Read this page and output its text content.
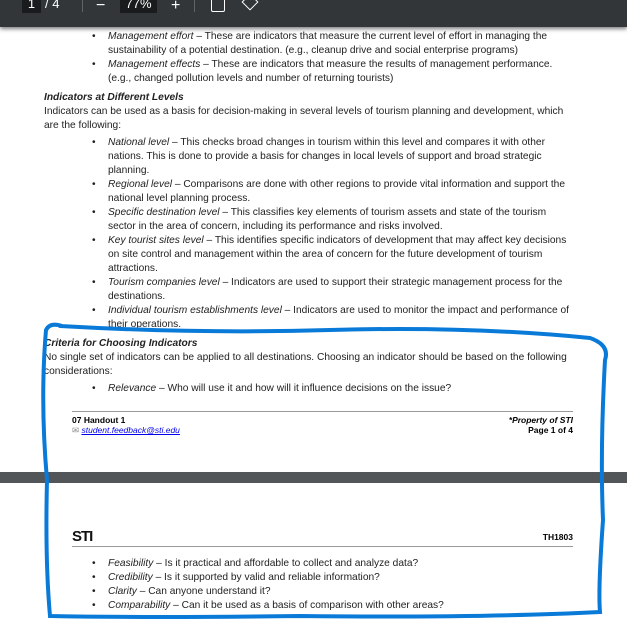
1 / 4 −	77%	+
• Management effort – These are indicators that measure the current level of effort in managing the sustainability of a potential destination. (e.g., cleanup drive and social enterprise programs)
• Management effects – These are indicators that measure the results of management performance. (e.g., changed pollution levels and number of returning tourists)

Indicators at Different Levels

Indicators can be used as a basis for decision-making in several levels of tourism planning and development, which are the following:

• National level – This checks broad changes in tourism within this level and compares it with other nations. This is done to provide a basis for changes in local levels of support and broad strategic planning.
• Regional level – Comparisons are done with other regions to provide vital information and support the national level planning process.
• Specific destination level – This classifies key elements of tourism assets and state of the tourism sector in the area of concern, including its performance and risks involved.
• Key tourist sites level – This identifies specific indicators of development that may affect key decisions on site control and management within the area of concern for the future development of tourism attractions.
• Tourism companies level – Indicators are used to support their strategic management process for the destinations.
• Individual tourism establishments level – Indicators are used to monitor the impact and performance of their operations.

Criteria for Choosing Indicators

No single set of indicators can be applied to all destinations. Choosing an indicator should be based on the following considerations:

• Relevance – Who will use it and how will it influence decisions on the issue?
07 Handout 1
✉ student.feedback@sti.edu
*Property of STI
Page 1 of 4
STI	TH1803
• Feasibility – Is it practical and affordable to collect and analyze data?
• Credibility – Is it supported by valid and reliable information?
• Clarity – Can anyone understand it?
• Comparability – Can it be used as a basis of comparison with other areas?
